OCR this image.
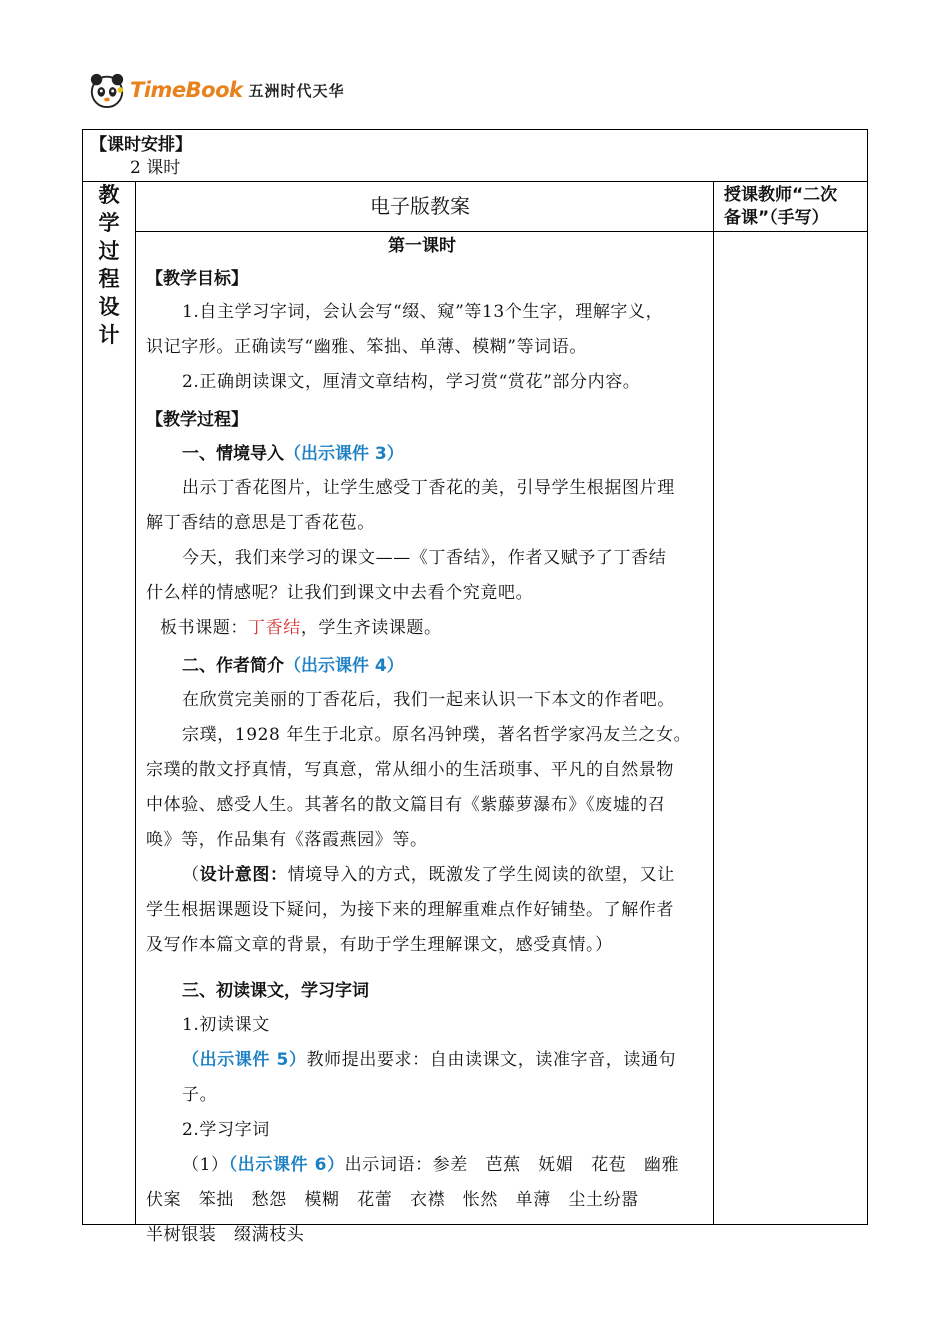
TimeBook 五洲时代天华
【课时安排】
2 课时
教
学
过
程
设
计
电子版教案	授课教师“二次
备课”（手写）
第一课时
【教学目标】
1.自主学习字词，会认会写“缀、窥”等13个生字，理解字义，
识记字形。正确读写“幽雅、笨拙、单薄、模糊”等词语。
2.正确朗读课文，厘清文章结构，学习赏“赏花”部分内容。
【教学过程】
一、情境导入（出示课件 3）
出示丁香花图片，让学生感受丁香花的美，引导学生根据图片理
解丁香结的意思是丁香花苞。
今天，我们来学习的课文——《丁香结》，作者又赋予了丁香结
什么样的情感呢？让我们到课文中去看个究竟吧。
板书课题：丁香结，学生齐读课题。
二、作者简介（出示课件 4）
在欣赏完美丽的丁香花后，我们一起来认识一下本文的作者吧。
宗璞，1928 年生于北京。原名冯钟璞，著名哲学家冯友兰之女。
宗璞的散文抒真情，写真意，常从细小的生活琐事、平凡的自然景物
中体验、感受人生。其著名的散文篇目有《紫藤萝瀑布》《废墟的召
唤》等，作品集有《落霞燕园》等。
（设计意图：情境导入的方式，既激发了学生阅读的欲望，又让
学生根据课题设下疑问，为接下来的理解重难点作好铺垫。了解作者
及写作本篇文章的背景，有助于学生理解课文，感受真情。）
三、初读课文，学习字词
1.初读课文
（出示课件 5）教师提出要求：自由读课文，读准字音，读通句子。
2.学习字词
（1）（出示课件 6）出示词语：参差　芭蕉　妩媚　花苞　幽雅
伏案　笨拙　愁怨　模糊　花蕾　衣襟　怅然　单薄　尘土纷嚣
半树银装　缀满枝头
